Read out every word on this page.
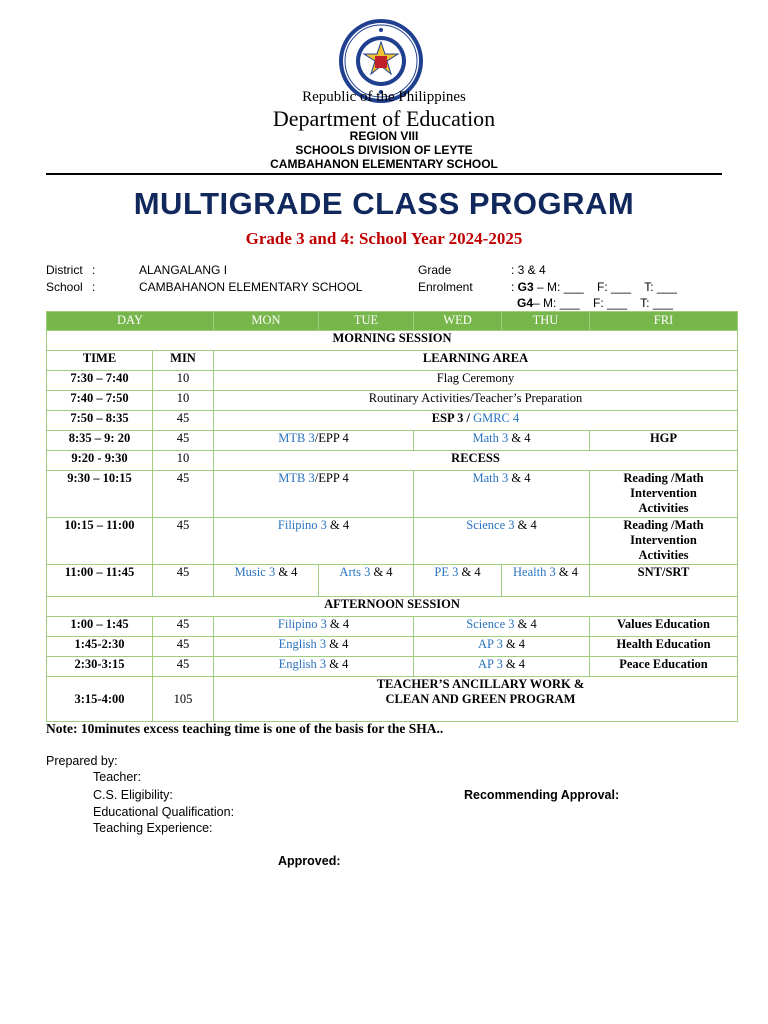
Republic of the Philippines
Department of Education
REGION VIII
SCHOOLS DIVISION OF LEYTE
CAMBAHANON ELEMENTARY SCHOOL
MULTIGRADE CLASS PROGRAM
Grade 3 and 4: School Year 2024-2025
District :	ALANGALANG I
School :	CAMBAHANON ELEMENTARY SCHOOL
Grade	: 3 & 4
Enrolment	: G3 – M: ___    F: ___    T: ___
G4– M: ___    F: ___    T: ___
DAY		MON	TUE	WED	THU	FRI
MORNING SESSION						
TIME	MIN	LEARNING AREA				
7:30 – 7:40	10	Flag Ceremony				
7:40 – 7:50	10	Routinary Activities/Teacher’s Preparation				
7:50 – 8:35	45	ESP 3 / GMRC 4				
8:35 – 9: 20	45	MTB 3/EPP 4		Math 3 & 4		HGP
9:20 - 9:30	10	RECESS				
9:30 – 10:15	45	MTB 3/EPP 4		Math 3 & 4		Reading /Math Intervention Activities
10:15 – 11:00	45	Filipino 3 & 4		Science 3 & 4		Reading /Math Intervention Activities
11:00 – 11:45	45	Music 3 & 4	Arts 3 & 4	PE 3 & 4	Health 3 & 4	SNT/SRT
AFTERNOON SESSION						
1:00 – 1:45	45	Filipino 3 & 4		Science 3 & 4		Values Education
1:45-2:30	45	English 3 & 4		AP 3 & 4		Health Education
2:30-3:15	45	English 3 & 4		AP 3 & 4		Peace Education
3:15-4:00	105	TEACHER’S ANCILLARY WORK & CLEAN AND GREEN PROGRAM				
Note: 10minutes excess teaching time is one of the basis for the SHA..
Prepared by:
Teacher:
C.S. Eligibility:
Educational Qualification:
Teaching Experience:
Recommending Approval:
Approved:
